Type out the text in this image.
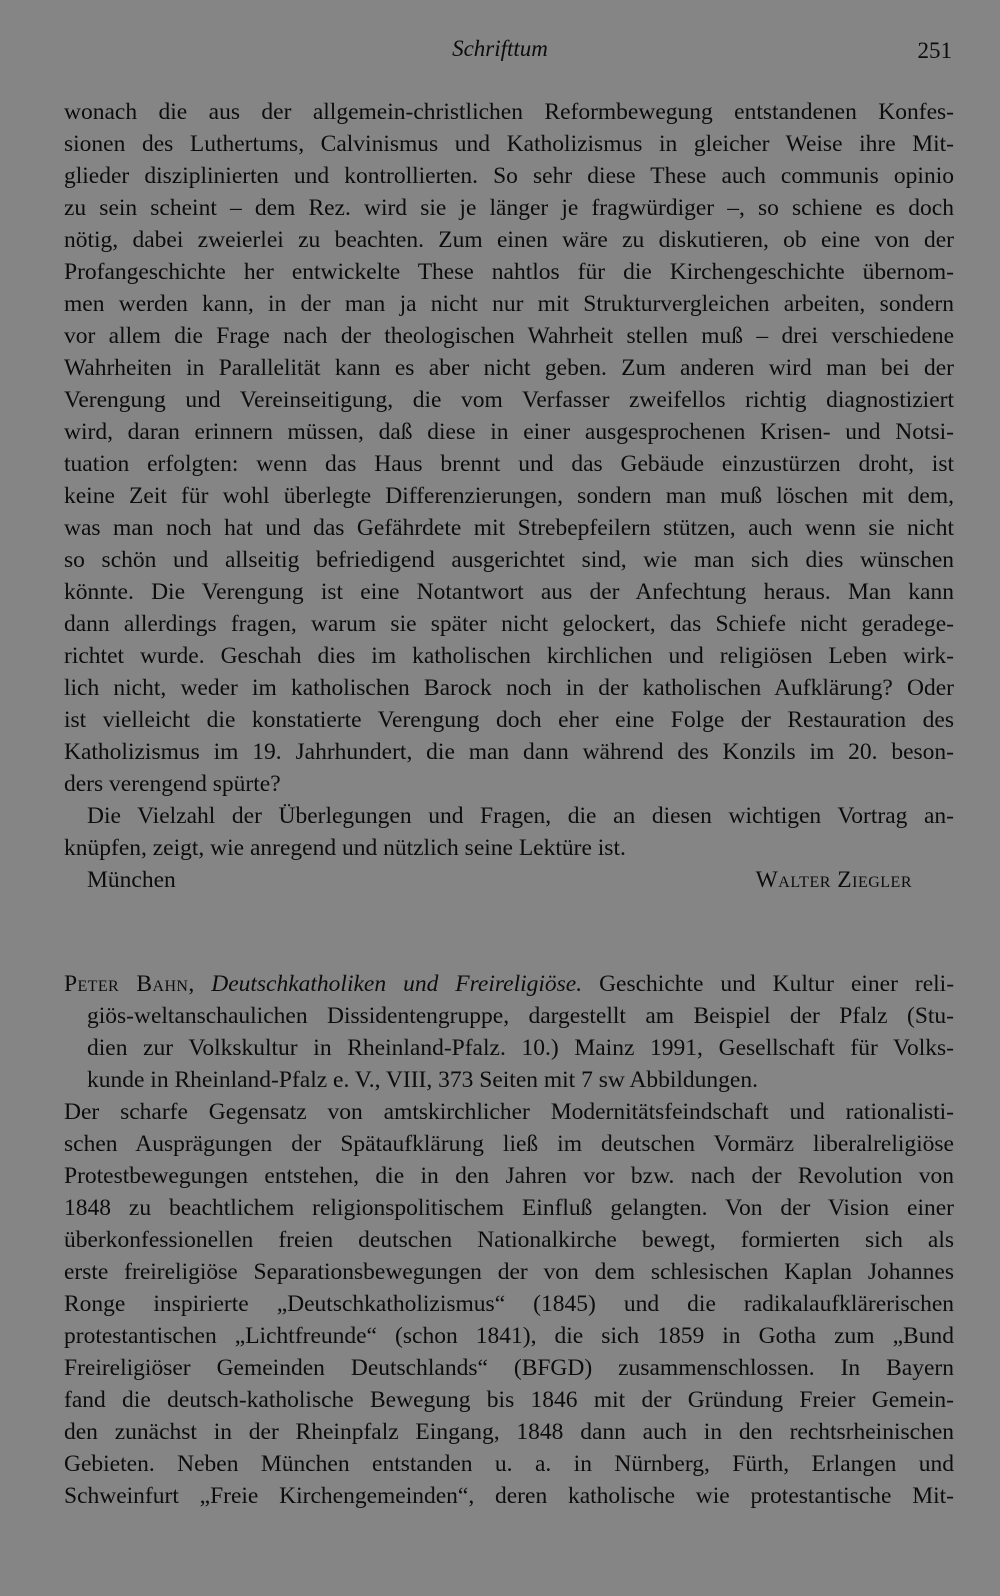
Schrifttum	251
wonach die aus der allgemein-christlichen Reformbewegung entstandenen Konfes-
sionen des Luthertums, Calvinismus und Katholizismus in gleicher Weise ihre Mit-
glieder disziplinierten und kontrollierten. So sehr diese These auch communis opinio
zu sein scheint – dem Rez. wird sie je länger je fragwürdiger –, so schiene es doch
nötig, dabei zweierlei zu beachten. Zum einen wäre zu diskutieren, ob eine von der
Profangeschichte her entwickelte These nahtlos für die Kirchengeschichte übernom-
men werden kann, in der man ja nicht nur mit Strukturvergleichen arbeiten, sondern
vor allem die Frage nach der theologischen Wahrheit stellen muß – drei verschiedene
Wahrheiten in Parallelität kann es aber nicht geben. Zum anderen wird man bei der
Verengung und Vereinseitigung, die vom Verfasser zweifellos richtig diagnostiziert
wird, daran erinnern müssen, daß diese in einer ausgesprochenen Krisen- und Notsi-
tuation erfolgten: wenn das Haus brennt und das Gebäude einzustürzen droht, ist
keine Zeit für wohl überlegte Differenzierungen, sondern man muß löschen mit dem,
was man noch hat und das Gefährdete mit Strebepfeilern stützen, auch wenn sie nicht
so schön und allseitig befriedigend ausgerichtet sind, wie man sich dies wünschen
könnte. Die Verengung ist eine Notantwort aus der Anfechtung heraus. Man kann
dann allerdings fragen, warum sie später nicht gelockert, das Schiefe nicht geradege-
richtet wurde. Geschah dies im katholischen kirchlichen und religiösen Leben wirk-
lich nicht, weder im katholischen Barock noch in der katholischen Aufklärung? Oder
ist vielleicht die konstatierte Verengung doch eher eine Folge der Restauration des
Katholizismus im 19. Jahrhundert, die man dann während des Konzils im 20. beson-
ders verengend spürte?
Die Vielzahl der Überlegungen und Fragen, die an diesen wichtigen Vortrag an-
knüpfen, zeigt, wie anregend und nützlich seine Lektüre ist.
München	Walter Ziegler
Peter Bahn, Deutschkatholiken und Freireligiöse. Geschichte und Kultur einer reli-
giös-weltanschaulichen Dissidentengruppe, dargestellt am Beispiel der Pfalz (Stu-
dien zur Volkskultur in Rheinland-Pfalz. 10.) Mainz 1991, Gesellschaft für Volks-
kunde in Rheinland-Pfalz e. V., VIII, 373 Seiten mit 7 sw Abbildungen.
Der scharfe Gegensatz von amtskirchlicher Modernitätsfeindschaft und rationalisti-
schen Ausprägungen der Spätaufklärung ließ im deutschen Vormärz liberalreligiöse
Protestbewegungen entstehen, die in den Jahren vor bzw. nach der Revolution von
1848 zu beachtlichem religionspolitischem Einfluß gelangten. Von der Vision einer
überkonfessionellen freien deutschen Nationalkirche bewegt, formierten sich als
erste freireligiöse Separationsbewegungen der von dem schlesischen Kaplan Johannes
Ronge inspirierte „Deutschkatholizismus“ (1845) und die radikalaufklärerischen
protestantischen „Lichtfreunde“ (schon 1841), die sich 1859 in Gotha zum „Bund
Freireligiöser Gemeinden Deutschlands“ (BFGD) zusammenschlossen. In Bayern
fand die deutsch-katholische Bewegung bis 1846 mit der Gründung Freier Gemein-
den zunächst in der Rheinpfalz Eingang, 1848 dann auch in den rechtsrheinischen
Gebieten. Neben München entstanden u. a. in Nürnberg, Fürth, Erlangen und
Schweinfurt „Freie Kirchengemeinden“, deren katholische wie protestantische Mit-
